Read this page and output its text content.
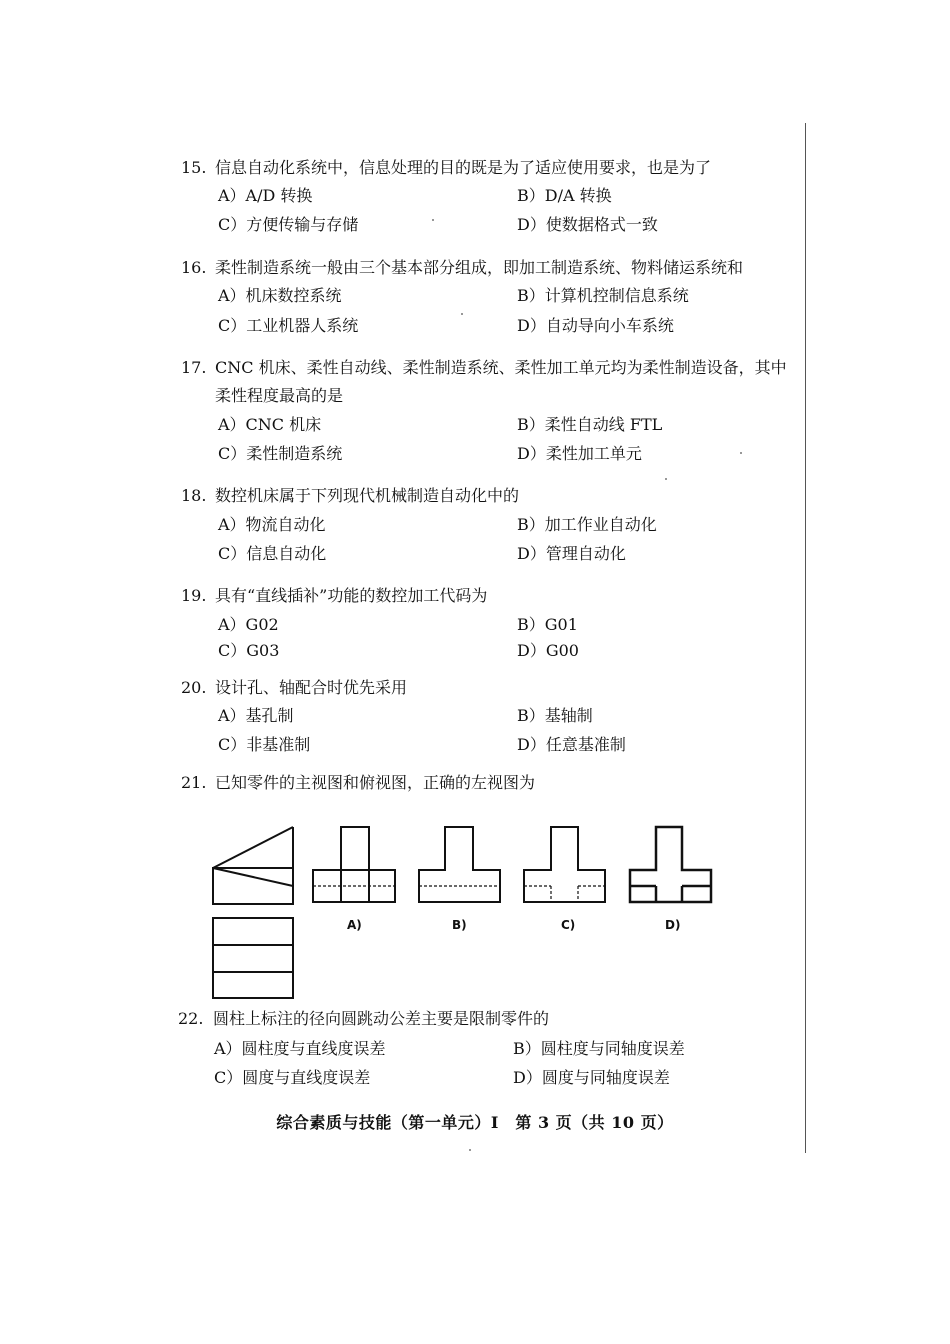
15. 信息自动化系统中，信息处理的目的既是为了适应使用要求，也是为了
A）A/D 转换	B）D/A 转换
C）方便传输与存储	D）使数据格式一致
16. 柔性制造系统一般由三个基本部分组成，即加工制造系统、物料储运系统和
A）机床数控系统	B）计算机控制信息系统
C）工业机器人系统	D）自动导向小车系统
17. CNC 机床、柔性自动线、柔性制造系统、柔性加工单元均为柔性制造设备，其中
柔性程度最高的是
A）CNC 机床	B）柔性自动线 FTL
C）柔性制造系统	D）柔性加工单元
18. 数控机床属于下列现代机械制造自动化中的
A）物流自动化	B）加工作业自动化
C）信息自动化	D）管理自动化
19. 具有“直线插补”功能的数控加工代码为
A）G02	B）G01
C）G03	D）G00
20. 设计孔、轴配合时优先采用
A）基孔制	B）基轴制
C）非基准制	D）任意基准制
21. 已知零件的主视图和俯视图，正确的左视图为
A)	B)	C)	D)
22. 圆柱上标注的径向圆跳动公差主要是限制零件的
A）圆柱度与直线度误差	B）圆柱度与同轴度误差
C）圆度与直线度误差	D）圆度与同轴度误差
综合素质与技能（第一单元）Ⅰ　第 3 页（共 10 页）
